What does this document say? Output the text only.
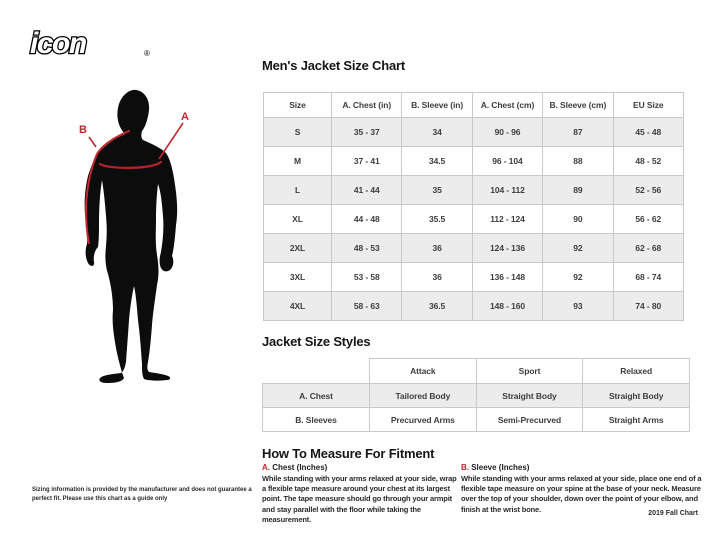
icon	®
A
B
Men's Jacket Size Chart
Size	A. Chest (in)	B. Sleeve (in)	A. Chest (cm)	B. Sleeve (cm)	EU Size
S	35 - 37	34	90 - 96	87	45 - 48
M	37 - 41	34.5	96 - 104	88	48 - 52
L	41 - 44	35	104 - 112	89	52 - 56
XL	44 - 48	35.5	112 - 124	90	56 - 62
2XL	48 - 53	36	124 - 136	92	62 - 68
3XL	53 - 58	36	136 - 148	92	68 - 74
4XL	58 - 63	36.5	148 - 160	93	74 - 80
Jacket Size Styles
	Attack	Sport	Relaxed
A. Chest	Tailored Body	Straight Body	Straight Body
B. Sleeves	Precurved Arms	Semi-Precurved	Straight Arms
How To Measure For Fitment
A. Chest (Inches)
While standing with your arms relaxed at your side, wrap a flexible tape measure around your chest at its largest point. The tape measure should go through your armpit and stay parallel with the floor while taking the measurement.
B. Sleeve (Inches)
While standing with your arms relaxed at your side, place one end of a flexible tape measure on your spine at the base of your neck. Measure over the top of your shoulder, down over the point of your elbow, and finish at the wrist bone.
Sizing information is provided by the manufacturer and does not guarantee a perfect fit. Please use this chart as a guide only
2019 Fall Chart
